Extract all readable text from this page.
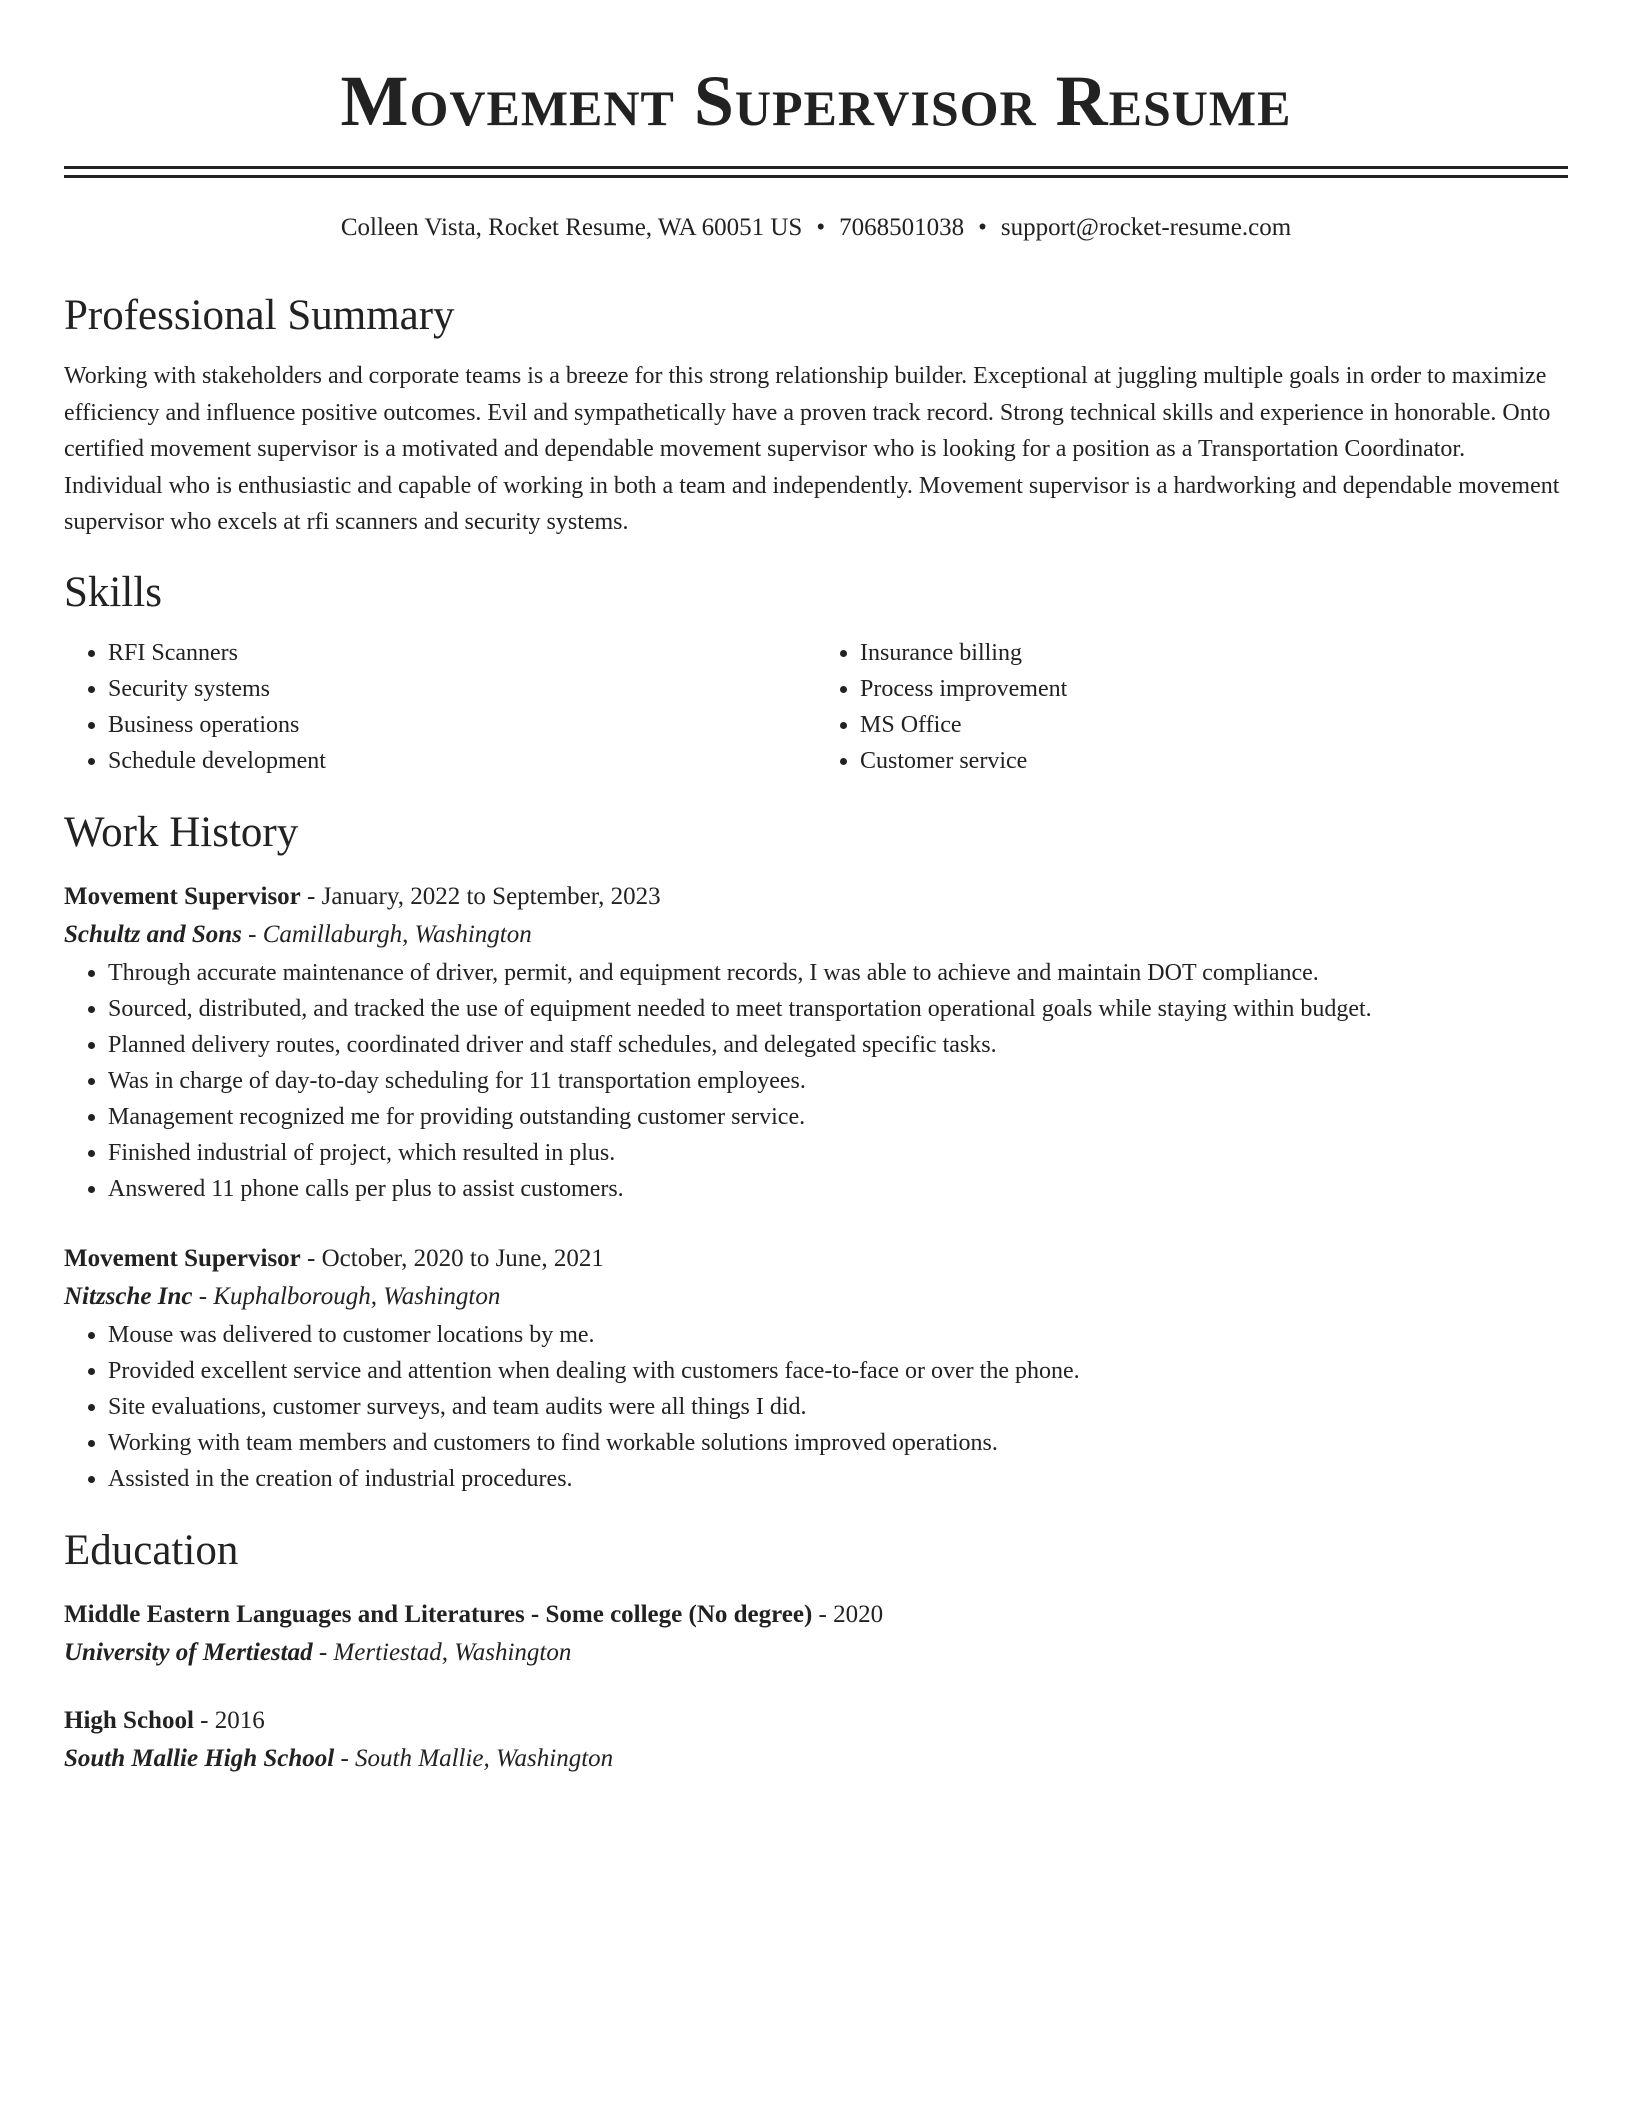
Movement Supervisor Resume
Colleen Vista, Rocket Resume, WA 60051 US • 7068501038 • support@rocket-resume.com
Professional Summary

Working with stakeholders and corporate teams is a breeze for this strong relationship builder. Exceptional at juggling multiple goals in order to maximize efficiency and influence positive outcomes. Evil and sympathetically have a proven track record. Strong technical skills and experience in honorable. Onto certified movement supervisor is a motivated and dependable movement supervisor who is looking for a position as a Transportation Coordinator. Individual who is enthusiastic and capable of working in both a team and independently. Movement supervisor is a hardworking and dependable movement supervisor who excels at rfi scanners and security systems.

Skills
• RFI Scanners
• Security systems
• Business operations
• Schedule development
• Insurance billing
• Process improvement
• MS Office
• Customer service
Work History
Movement Supervisor - January, 2022 to September, 2023
Schultz and Sons - Camillaburgh, Washington
• Through accurate maintenance of driver, permit, and equipment records, I was able to achieve and maintain DOT compliance.
• Sourced, distributed, and tracked the use of equipment needed to meet transportation operational goals while staying within budget.
• Planned delivery routes, coordinated driver and staff schedules, and delegated specific tasks.
• Was in charge of day-to-day scheduling for 11 transportation employees.
• Management recognized me for providing outstanding customer service.
• Finished industrial of project, which resulted in plus.
• Answered 11 phone calls per plus to assist customers.
Movement Supervisor - October, 2020 to June, 2021
Nitzsche Inc - Kuphalborough, Washington
• Mouse was delivered to customer locations by me.
• Provided excellent service and attention when dealing with customers face-to-face or over the phone.
• Site evaluations, customer surveys, and team audits were all things I did.
• Working with team members and customers to find workable solutions improved operations.
• Assisted in the creation of industrial procedures.
Education
Middle Eastern Languages and Literatures - Some college (No degree) - 2020
University of Mertiestad - Mertiestad, Washington
High School - 2016
South Mallie High School - South Mallie, Washington
